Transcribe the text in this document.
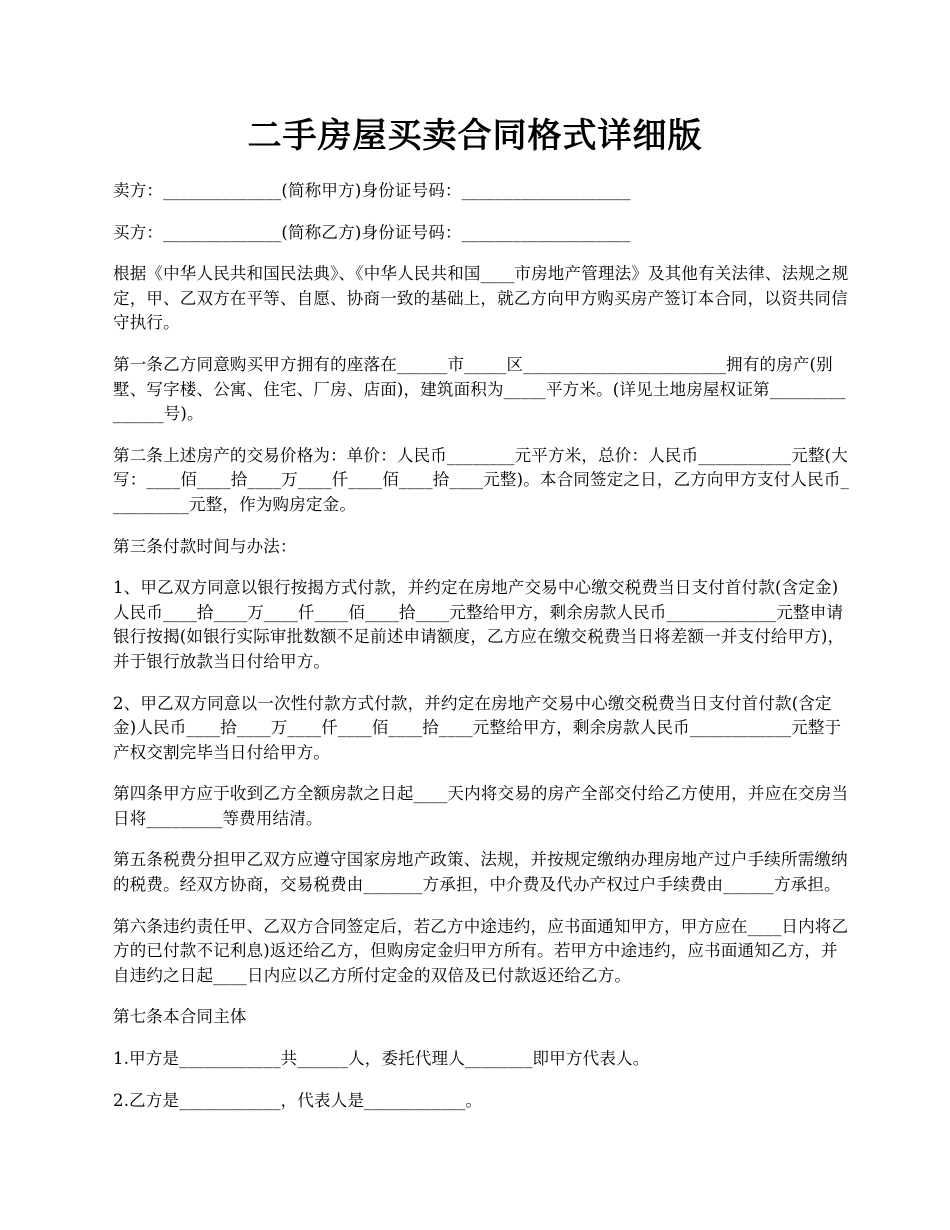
二手房屋买卖合同格式详细版

卖方：______________(简称甲方)身份证号码：____________________

买方：______________(简称乙方)身份证号码：____________________

根据《中华人民共和国民法典》、《中华人民共和国____市房地产管理法》及其他有关法律、法规之规定，甲、乙双方在平等、自愿、协商一致的基础上，就乙方向甲方购买房产签订本合同，以资共同信守执行。

第一条乙方同意购买甲方拥有的座落在______市_____区________________________拥有的房产(别墅、写字楼、公寓、住宅、厂房、店面)，建筑面积为_____平方米。(详见土地房屋权证第_______________号)。

第二条上述房产的交易价格为：单价：人民币________元平方米，总价：人民币___________元整(大写：____佰____拾____万____仟____佰____拾____元整)。本合同签定之日，乙方向甲方支付人民币__________元整，作为购房定金。

第三条付款时间与办法：

1、甲乙双方同意以银行按揭方式付款，并约定在房地产交易中心缴交税费当日支付首付款(含定金)人民币____拾____万____仟____佰____拾____元整给甲方，剩余房款人民币_____________元整申请银行按揭(如银行实际审批数额不足前述申请额度，乙方应在缴交税费当日将差额一并支付给甲方)，并于银行放款当日付给甲方。

2、甲乙双方同意以一次性付款方式付款，并约定在房地产交易中心缴交税费当日支付首付款(含定金)人民币____拾____万____仟____佰____拾____元整给甲方，剩余房款人民币____________元整于产权交割完毕当日付给甲方。

第四条甲方应于收到乙方全额房款之日起____天内将交易的房产全部交付给乙方使用，并应在交房当日将_________等费用结清。

第五条税费分担甲乙双方应遵守国家房地产政策、法规，并按规定缴纳办理房地产过户手续所需缴纳的税费。经双方协商，交易税费由_______方承担，中介费及代办产权过户手续费由______方承担。

第六条违约责任甲、乙双方合同签定后，若乙方中途违约，应书面通知甲方，甲方应在____日内将乙方的已付款不记利息)返还给乙方，但购房定金归甲方所有。若甲方中途违约，应书面通知乙方，并自违约之日起____日内应以乙方所付定金的双倍及已付款返还给乙方。

第七条本合同主体

1.甲方是____________共______人，委托代理人________即甲方代表人。

2.乙方是____________，代表人是____________。
